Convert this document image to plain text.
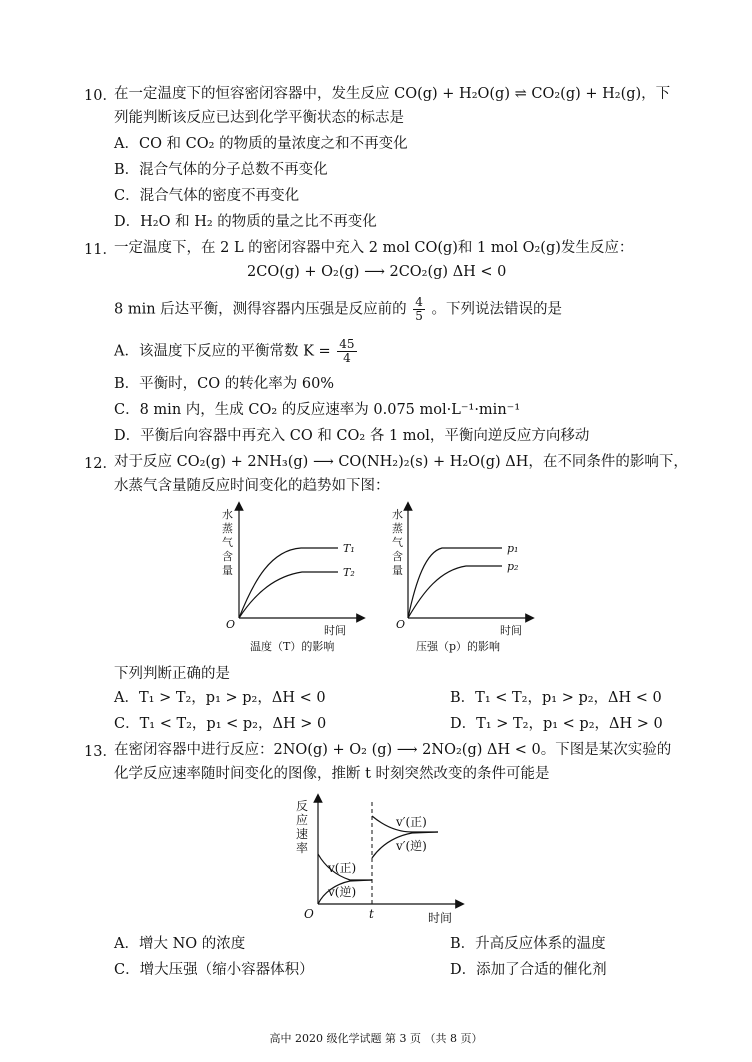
10．
在一定温度下的恒容密闭容器中，发生反应 CO(g) + H₂O(g) ⇌ CO₂(g) + H₂(g)，下
列能判断该反应已达到化学平衡状态的标志是
A．CO 和 CO₂ 的物质的量浓度之和不再变化
B．混合气体的分子总数不再变化
C．混合气体的密度不再变化
D．H₂O 和 H₂ 的物质的量之比不再变化
11．
一定温度下，在 2 L 的密闭容器中充入 2 mol CO(g)和 1 mol O₂(g)发生反应：
2CO(g) + O₂(g) ⟶ 2CO₂(g) ΔH < 0
8 min 后达平衡，测得容器内压强是反应前的 $\frac{4}{5}$ 。下列说法错误的是
A．该温度下反应的平衡常数 $K = \frac{45}{4}$
B．平衡时，CO 的转化率为 60%
C．8 min 内，生成 CO₂ 的反应速率为 0.075 mol·L⁻¹·min⁻¹
D．平衡后向容器中再充入 CO 和 CO₂ 各 1 mol，平衡向逆反应方向移动
12．
对于反应 CO₂(g) + 2NH₃(g) ⟶ CO(NH₂)₂(s) + H₂O(g) ΔH，在不同条件的影响下，
水蒸气含量随反应时间变化的趋势如下图：
水
蒸
气
含
量
T₁
T₂
O	时间
温度（T）的影响
水
蒸
气
含
量
p₁
p₂
O	时间
压强（p）的影响
下列判断正确的是
A．T₁ > T₂，p₁ > p₂，ΔH < 0	B．T₁ < T₂，p₁ > p₂，ΔH < 0
C．T₁ < T₂，p₁ < p₂，ΔH > 0	D．T₁ > T₂，p₁ < p₂，ΔH > 0
13．
在密闭容器中进行反应：2NO(g) + O₂ (g) ⟶ 2NO₂(g) ΔH < 0。下图是某次实验的
化学反应速率随时间变化的图像，推断 t 时刻突然改变的条件可能是
反
应
速
率
v(正)
v(逆)
v′(正)
v′(逆)
O	t	时间
A．增大 NO 的浓度	B．升高反应体系的温度
C．增大压强（缩小容器体积）	D．添加了合适的催化剂
高中 2020 级化学试题 第 3 页 （共 8 页）
